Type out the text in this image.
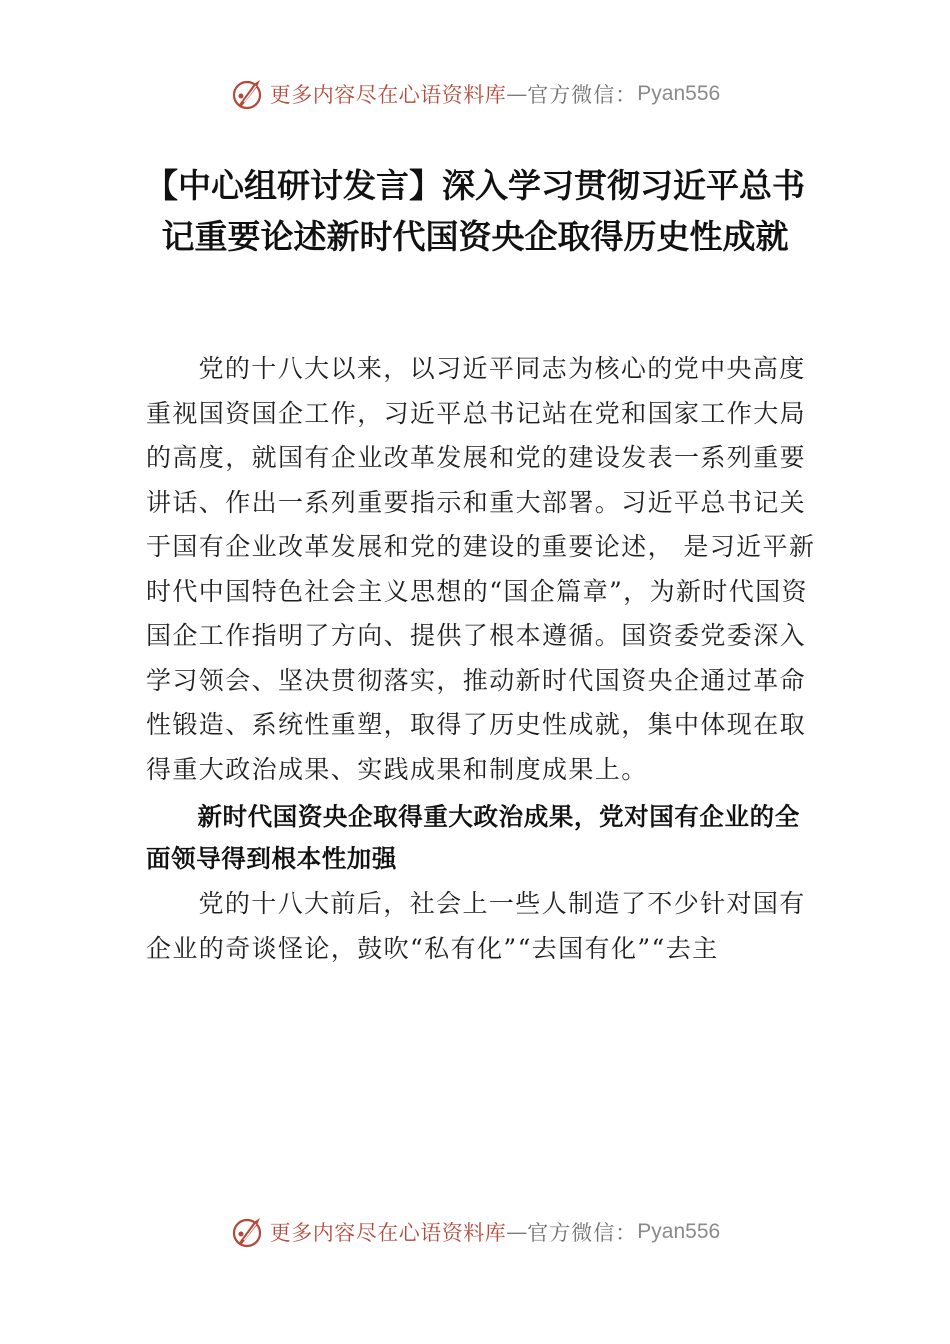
更多内容尽在心语资料库 — 官方微信： Pyan556
【中心组研讨发言】深入学习贯彻习近平总书记重要论述新时代国资央企取得历史性成就

党的十八大以来，以习近平同志为核心的党中央高度重视国资国企工作，习近平总书记站在党和国家工作大局的高度，就国有企业改革发展和党的建设发表一系列重要讲话、作出一系列重要指示和重大部署。习近平总书记关于国有企业改革发展和党的建设的重要论述， 是习近平新时代中国特色社会主义思想的“国企篇章”，为新时代国资国企工作指明了方向、提供了根本遵循。国资委党委深入学习领会、坚决贯彻落实，推动新时代国资央企通过革命性锻造、系统性重塑，取得了历史性成就，集中体现在取得重大政治成果、实践成果和制度成果上。

新时代国资央企取得重大政治成果，党对国有企业的全面领导得到根本性加强

党的十八大前后，社会上一些人制造了不少针对国有企业的奇谈怪论，鼓吹“私有化”“去国有化”“去主

更多内容尽在心语资料库 — 官方微信： Pyan556
